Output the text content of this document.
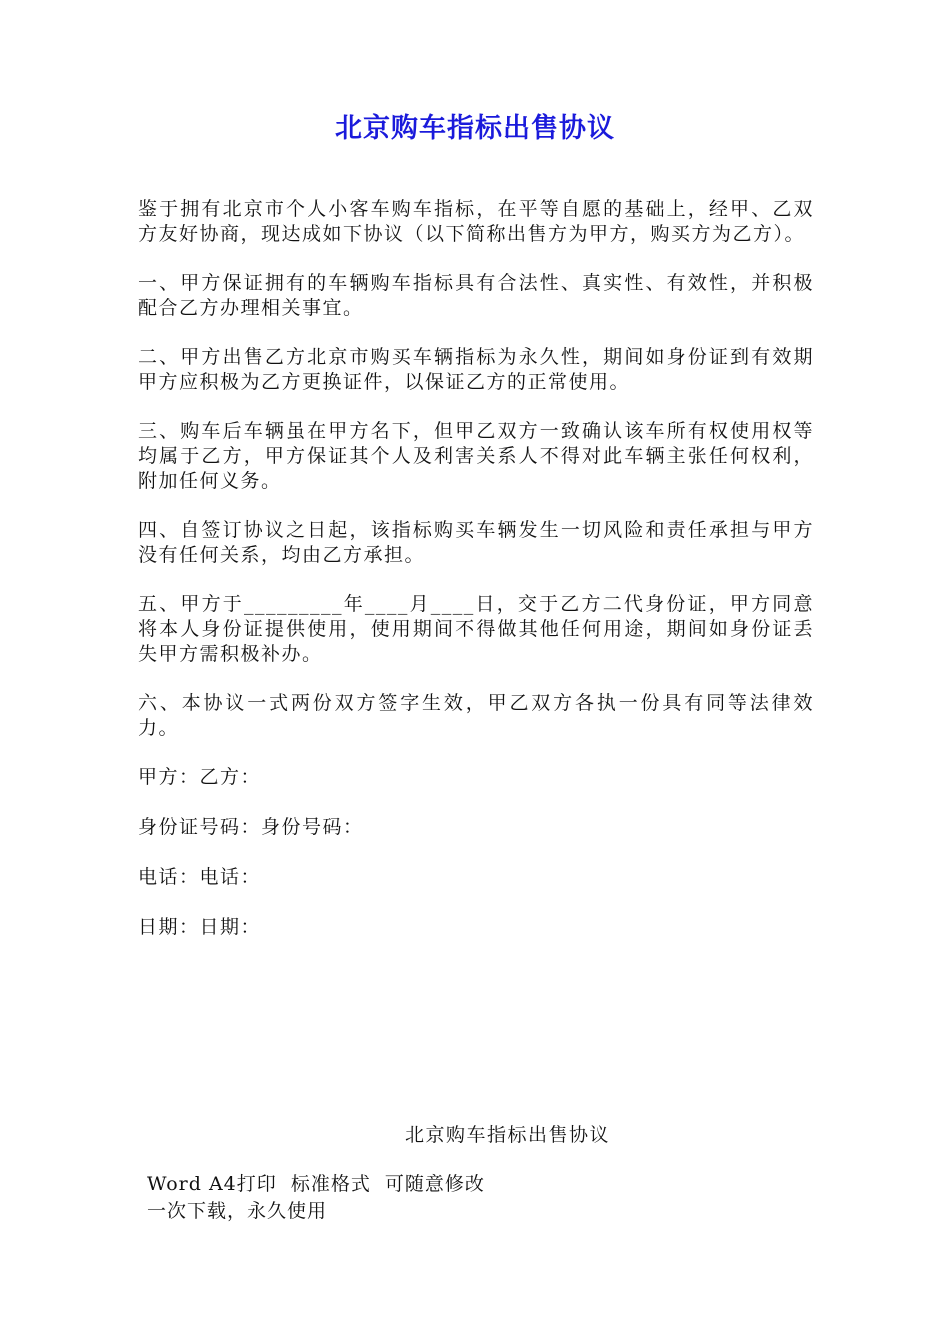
北京购车指标出售协议

鉴于拥有北京市个人小客车购车指标，在平等自愿的基础上，经甲、乙双方友好协商，现达成如下协议（以下简称出售方为甲方，购买方为乙方）。

一、甲方保证拥有的车辆购车指标具有合法性、真实性、有效性，并积极配合乙方办理相关事宜。

二、甲方出售乙方北京市购买车辆指标为永久性，期间如身份证到有效期甲方应积极为乙方更换证件，以保证乙方的正常使用。

三、购车后车辆虽在甲方名下，但甲乙双方一致确认该车所有权使用权等均属于乙方，甲方保证其个人及利害关系人不得对此车辆主张任何权利，附加任何义务。

四、自签订协议之日起，该指标购买车辆发生一切风险和责任承担与甲方没有任何关系，均由乙方承担。

五、甲方于_________年____月____日，交于乙方二代身份证，甲方同意将本人身份证提供使用，使用期间不得做其他任何用途，期间如身份证丢失甲方需积极补办。

六、本协议一式两份双方签字生效，甲乙双方各执一份具有同等法律效力。

甲方：乙方：

身份证号码：身份号码：

电话：电话：

日期：日期：

北京购车指标出售协议
Word A4打印  标准格式  可随意修改
一次下载，永久使用
